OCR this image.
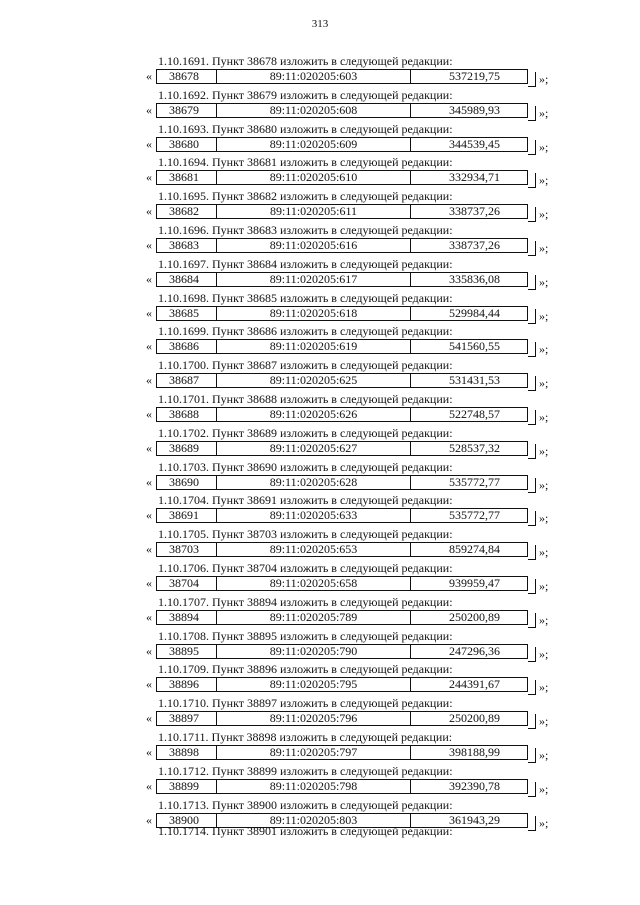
313
1.10.1691. Пункт 38678 изложить в следующей редакции:
«	38678	89:11:020205:603	537219,75	»;
1.10.1692. Пункт 38679 изложить в следующей редакции:
«	38679	89:11:020205:608	345989,93	»;
1.10.1693. Пункт 38680 изложить в следующей редакции:
«	38680	89:11:020205:609	344539,45	»;
1.10.1694. Пункт 38681 изложить в следующей редакции:
«	38681	89:11:020205:610	332934,71	»;
1.10.1695. Пункт 38682 изложить в следующей редакции:
«	38682	89:11:020205:611	338737,26	»;
1.10.1696. Пункт 38683 изложить в следующей редакции:
«	38683	89:11:020205:616	338737,26	»;
1.10.1697. Пункт 38684 изложить в следующей редакции:
«	38684	89:11:020205:617	335836,08	»;
1.10.1698. Пункт 38685 изложить в следующей редакции:
«	38685	89:11:020205:618	529984,44	»;
1.10.1699. Пункт 38686 изложить в следующей редакции:
«	38686	89:11:020205:619	541560,55	»;
1.10.1700. Пункт 38687 изложить в следующей редакции:
«	38687	89:11:020205:625	531431,53	»;
1.10.1701. Пункт 38688 изложить в следующей редакции:
«	38688	89:11:020205:626	522748,57	»;
1.10.1702. Пункт 38689 изложить в следующей редакции:
«	38689	89:11:020205:627	528537,32	»;
1.10.1703. Пункт 38690 изложить в следующей редакции:
«	38690	89:11:020205:628	535772,77	»;
1.10.1704. Пункт 38691 изложить в следующей редакции:
«	38691	89:11:020205:633	535772,77	»;
1.10.1705. Пункт 38703 изложить в следующей редакции:
«	38703	89:11:020205:653	859274,84	»;
1.10.1706. Пункт 38704 изложить в следующей редакции:
«	38704	89:11:020205:658	939959,47	»;
1.10.1707. Пункт 38894 изложить в следующей редакции:
«	38894	89:11:020205:789	250200,89	»;
1.10.1708. Пункт 38895 изложить в следующей редакции:
«	38895	89:11:020205:790	247296,36	»;
1.10.1709. Пункт 38896 изложить в следующей редакции:
«	38896	89:11:020205:795	244391,67	»;
1.10.1710. Пункт 38897 изложить в следующей редакции:
«	38897	89:11:020205:796	250200,89	»;
1.10.1711. Пункт 38898 изложить в следующей редакции:
«	38898	89:11:020205:797	398188,99	»;
1.10.1712. Пункт 38899 изложить в следующей редакции:
«	38899	89:11:020205:798	392390,78	»;
1.10.1713. Пункт 38900 изложить в следующей редакции:
«	38900	89:11:020205:803	361943,29	»;
1.10.1714. Пункт 38901 изложить в следующей редакции:
